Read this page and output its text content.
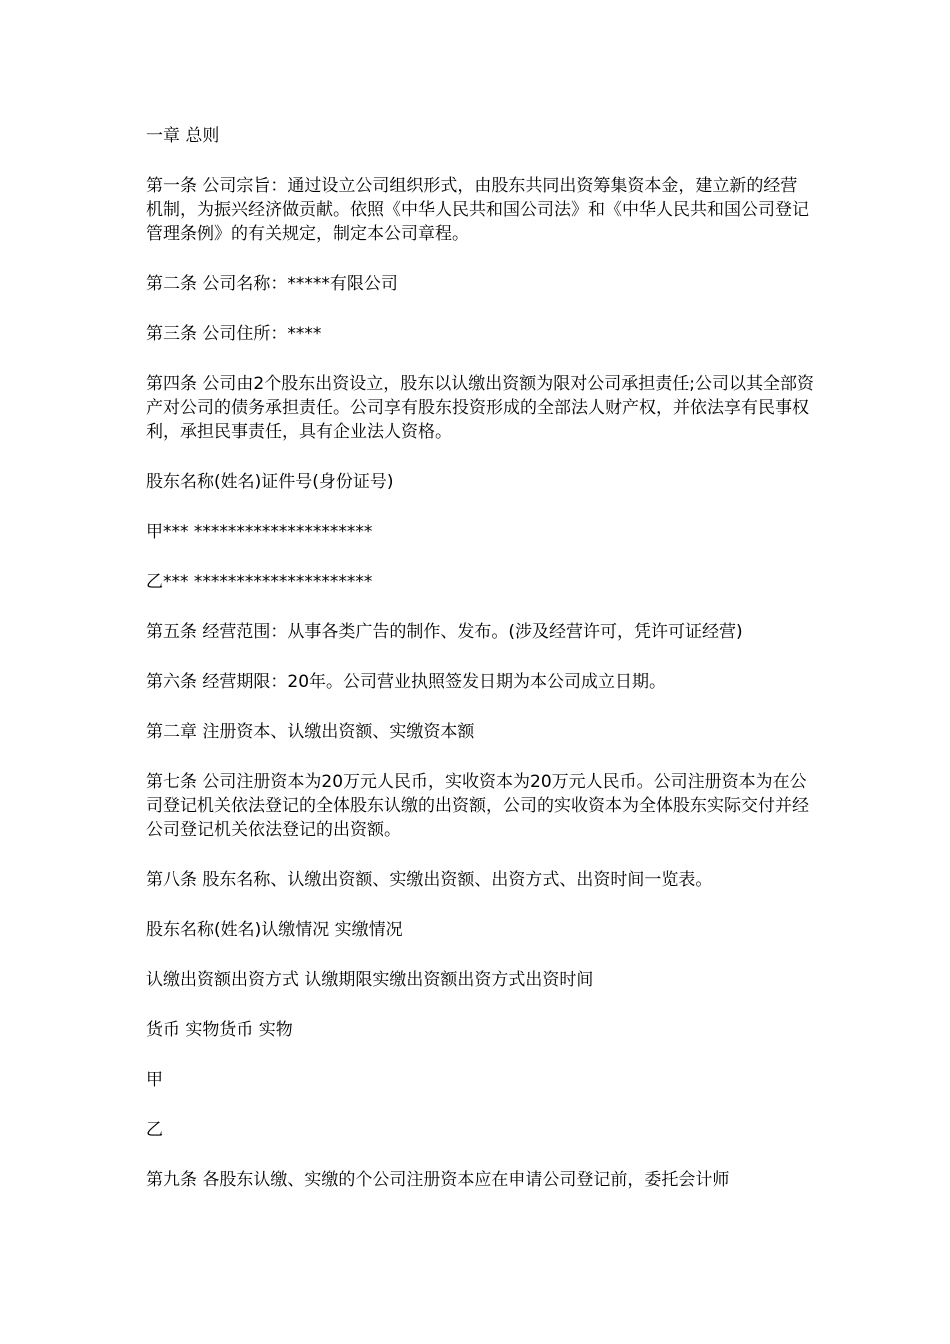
一章 总则

第一条 公司宗旨：通过设立公司组织形式，由股东共同出资筹集资本金，建立新的经营机制，为振兴经济做贡献。依照《中华人民共和国公司法》和《中华人民共和国公司登记管理条例》的有关规定，制定本公司章程。

第二条 公司名称：*****有限公司

第三条 公司住所：****

第四条 公司由2个股东出资设立，股东以认缴出资额为限对公司承担责任;公司以其全部资产对公司的债务承担责任。公司享有股东投资形成的全部法人财产权，并依法享有民事权利，承担民事责任，具有企业法人资格。

股东名称(姓名)证件号(身份证号)

甲*** *********************

乙*** *********************

第五条 经营范围：从事各类广告的制作、发布。(涉及经营许可，凭许可证经营)

第六条 经营期限：20年。公司营业执照签发日期为本公司成立日期。

第二章 注册资本、认缴出资额、实缴资本额

第七条 公司注册资本为20万元人民币，实收资本为20万元人民币。公司注册资本为在公司登记机关依法登记的全体股东认缴的出资额，公司的实收资本为全体股东实际交付并经公司登记机关依法登记的出资额。

第八条 股东名称、认缴出资额、实缴出资额、出资方式、出资时间一览表。

股东名称(姓名)认缴情况 实缴情况

认缴出资额出资方式 认缴期限实缴出资额出资方式出资时间

货币 实物货币 实物

甲

乙

第九条 各股东认缴、实缴的个公司注册资本应在申请公司登记前，委托会计师
